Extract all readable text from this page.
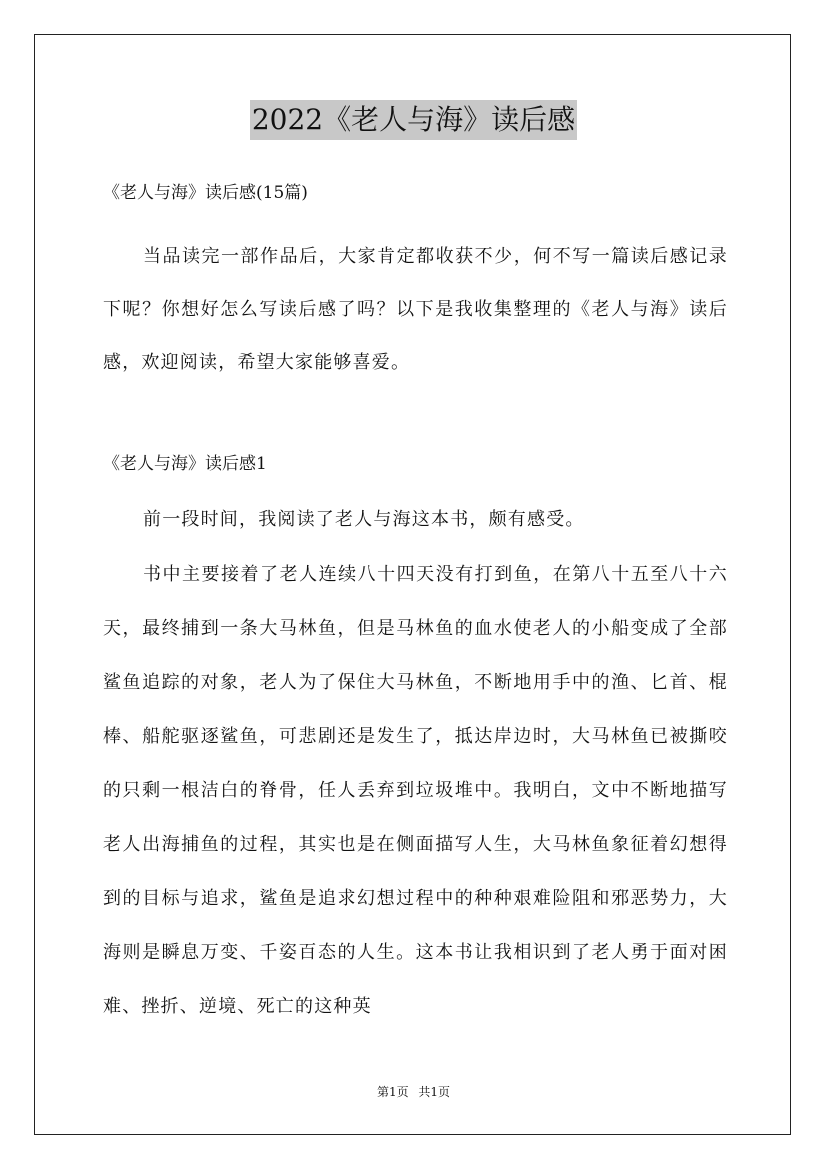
2022《老人与海》读后感
《老人与海》读后感(15篇)

当品读完一部作品后，大家肯定都收获不少，何不写一篇读后感记录下呢？你想好怎么写读后感了吗？以下是我收集整理的《老人与海》读后感，欢迎阅读，希望大家能够喜爱。

《老人与海》读后感1

前一段时间，我阅读了老人与海这本书，颇有感受。

书中主要接着了老人连续八十四天没有打到鱼，在第八十五至八十六天，最终捕到一条大马林鱼，但是马林鱼的血水使老人的小船变成了全部鲨鱼追踪的对象，老人为了保住大马林鱼，不断地用手中的渔、匕首、棍棒、船舵驱逐鲨鱼，可悲剧还是发生了，抵达岸边时，大马林鱼已被撕咬的只剩一根洁白的脊骨，任人丢弃到垃圾堆中。我明白，文中不断地描写老人出海捕鱼的过程，其实也是在侧面描写人生，大马林鱼象征着幻想得到的目标与追求，鲨鱼是追求幻想过程中的种种艰难险阻和邪恶势力，大海则是瞬息万变、千姿百态的人生。这本书让我相识到了老人勇于面对困难、挫折、逆境、死亡的这种英

第1页 共1页
